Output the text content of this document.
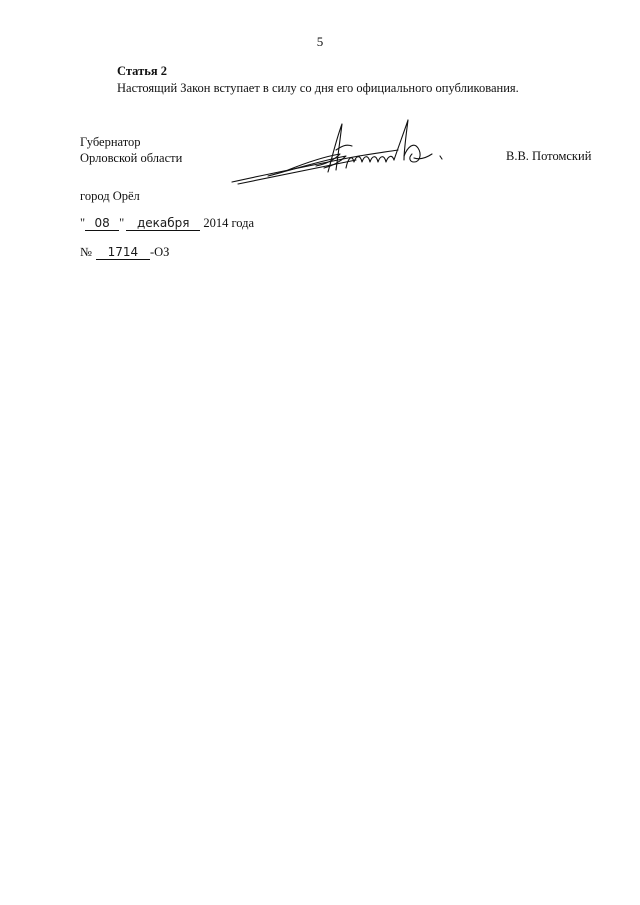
5
Статья 2
Настоящий Закон вступает в силу со дня его официального опубликования.
Губернатор
Орловской области	В.В. Потомский
город Орёл
" 08 " декабря 2014 года
№ 1714 -ОЗ
